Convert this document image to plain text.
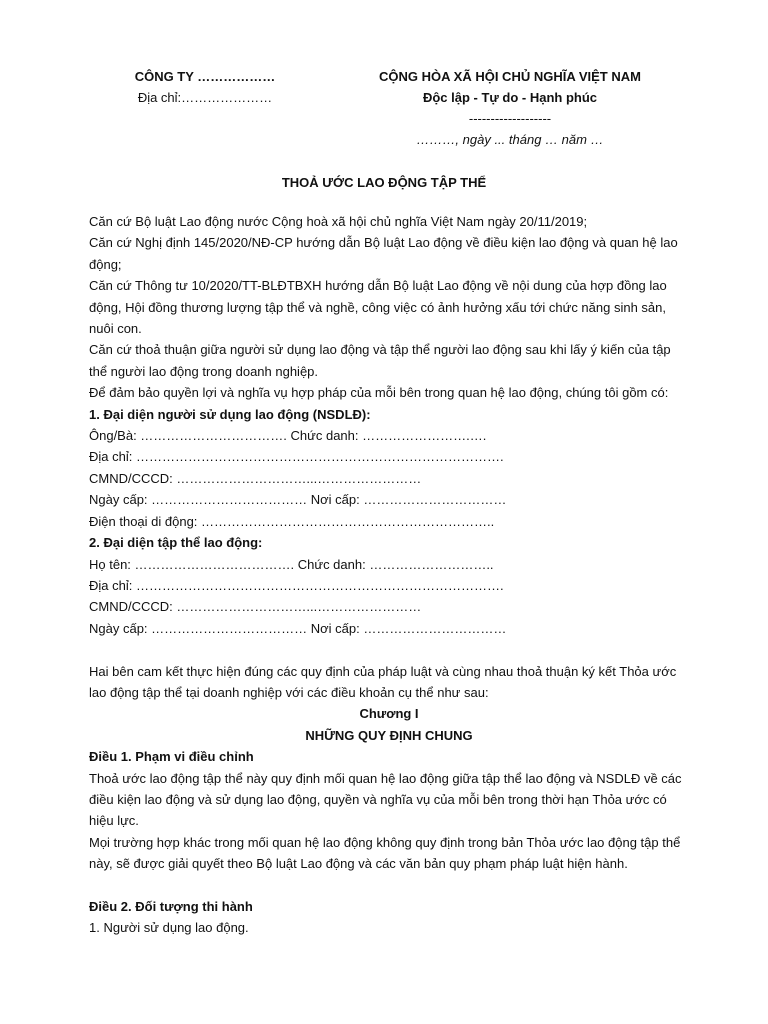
CÔNG TY ………………
Địa chỉ:…………………
CỘNG HÒA XÃ HỘI CHỦ NGHĨA VIỆT NAM
Độc lập - Tự do - Hạnh phúc
-------------------
………, ngày ... tháng … năm …
THOẢ ƯỚC LAO ĐỘNG TẬP THỂ

Căn cứ Bộ luật Lao động nước Cộng hoà xã hội chủ nghĩa Việt Nam ngày 20/11/2019;

Căn cứ Nghị định 145/2020/NĐ-CP hướng dẫn Bộ luật Lao động về điều kiện lao động và quan hệ lao động;

Căn cứ Thông tư 10/2020/TT-BLĐTBXH hướng dẫn Bộ luật Lao động về nội dung của hợp đồng lao động, Hội đồng thương lượng tập thể và nghề, công việc có ảnh hưởng xấu tới chức năng sinh sản, nuôi con.

Căn cứ thoả thuận giữa người sử dụng lao động và tập thể người lao động sau khi lấy ý kiến của tập thể người lao động trong doanh nghiệp.

Để đảm bảo quyền lợi và nghĩa vụ hợp pháp của mỗi bên trong quan hệ lao động, chúng tôi gồm có:

1. Đại diện người sử dụng lao động (NSDLĐ):

Ông/Bà: ……………………………. Chức danh: …………………….….

Địa chỉ: ………………………………………………………………………….

CMND/CCCD: …………………………...……………………

Ngày cấp: ……………………………… Nơi cấp: ……………………………

Điện thoại di động: …………………………………………………………..

2. Đại diện tập thể lao động:

Họ tên: ………………………………. Chức danh: ………………………..

Địa chỉ: ………………………………………………………………………….

CMND/CCCD: …………………………...……………………

Ngày cấp: ……………………………… Nơi cấp: ……………………………

Hai bên cam kết thực hiện đúng các quy định của pháp luật và cùng nhau thoả thuận ký kết Thỏa ước lao động tập thể tại doanh nghiệp với các điều khoản cụ thể như sau:

Chương I

NHỮNG QUY ĐỊNH CHUNG

Điều 1. Phạm vi điều chỉnh

Thoả ước lao động tập thể này quy định mối quan hệ lao động giữa tập thể lao động và NSDLĐ về các điều kiện lao động và sử dụng lao động, quyền và nghĩa vụ của mỗi bên trong thời hạn Thỏa ước có hiệu lực.

Mọi trường hợp khác trong mối quan hệ lao động không quy định trong bản Thỏa ước lao động tập thể này, sẽ được giải quyết theo Bộ luật Lao động và các văn bản quy phạm pháp luật hiện hành.

Điều 2. Đối tượng thi hành

1. Người sử dụng lao động.
